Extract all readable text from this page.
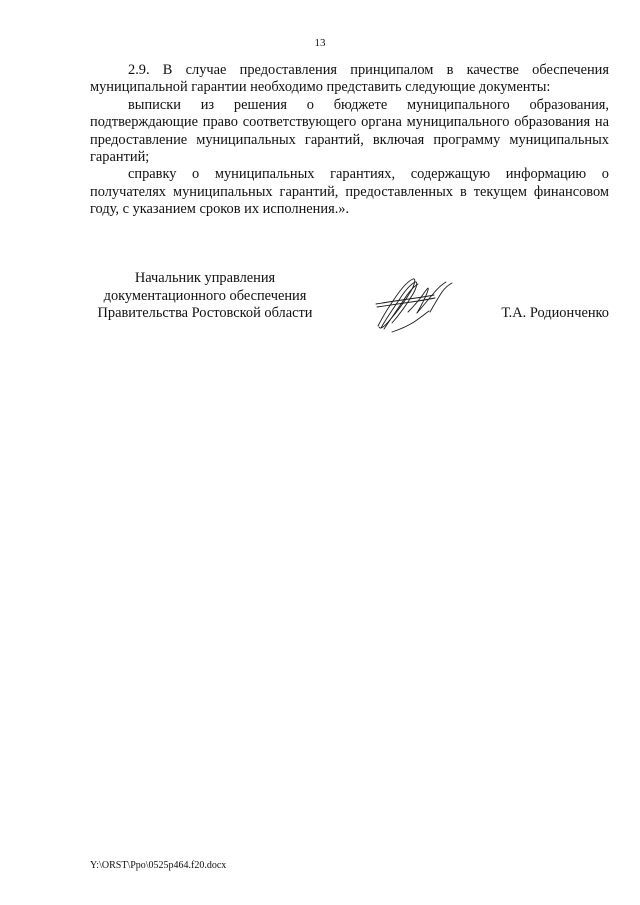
13

2.9. В случае предоставления принципалом в качестве обеспечения муниципальной гарантии необходимо представить следующие документы:

выписки из решения о бюджете муниципального образования, подтверждающие право соответствующего органа муниципального образования на предоставление муниципальных гарантий, включая программу муниципальных гарантий;

справку о муниципальных гарантиях, содержащую информацию о получателях муниципальных гарантий, предоставленных в текущем финансовом году, с указанием сроков их исполнения.».

Начальник управления
документационного обеспечения
Правительства Ростовской области	Т.А. Родионченко
Y:\ORST\Ppo\0525p464.f20.docx
